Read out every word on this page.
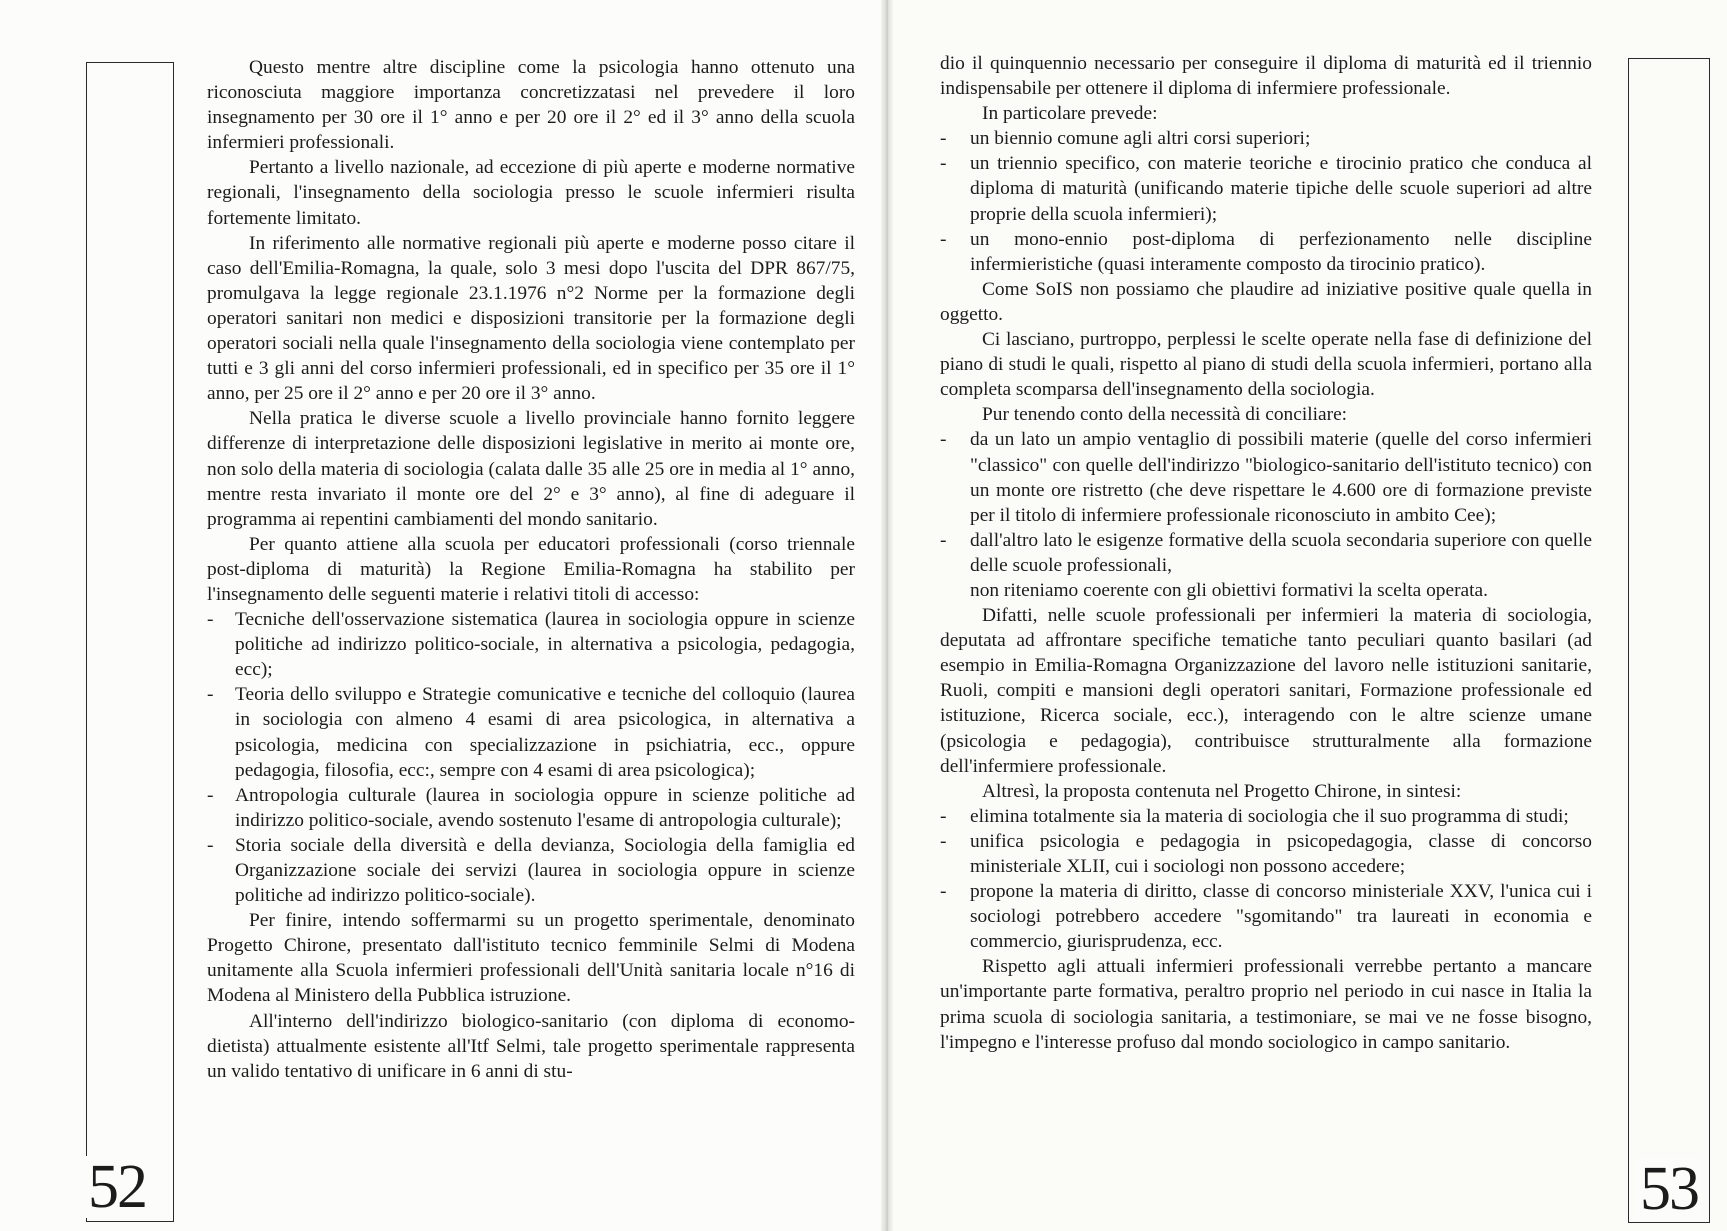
52	53

Questo mentre altre discipline come la psicologia hanno ottenuto una riconosciuta maggiore importanza concretizzatasi nel prevedere il loro insegnamento per 30 ore il 1° anno e per 20 ore il 2° ed il 3° anno della scuola infermieri professionali.

Pertanto a livello nazionale, ad eccezione di più aperte e moderne normative regionali, l'insegnamento della sociologia presso le scuole infermieri risulta fortemente limitato.

In riferimento alle normative regionali più aperte e moderne posso citare il caso dell'Emilia-Romagna, la quale, solo 3 mesi dopo l'uscita del DPR 867/75, promulgava la legge regionale 23.1.1976 n°2 Norme per la formazione degli operatori sanitari non medici e disposizioni transitorie per la formazione degli operatori sociali nella quale l'insegnamento della sociologia viene contemplato per tutti e 3 gli anni del corso infermieri professionali, ed in specifico per 35 ore il 1° anno, per 25 ore il 2° anno e per 20 ore il 3° anno.

Nella pratica le diverse scuole a livello provinciale hanno fornito leggere differenze di interpretazione delle disposizioni legislative in merito ai monte ore, non solo della materia di sociologia (calata dalle 35 alle 25 ore in media al 1° anno, mentre resta invariato il monte ore del 2° e 3° anno), al fine di adeguare il programma ai repentini cambiamenti del mondo sanitario.

Per quanto attiene alla scuola per educatori professionali (corso triennale post-diploma di maturità) la Regione Emilia-Romagna ha stabilito per l'insegnamento delle seguenti materie i relativi titoli di accesso:

- Tecniche dell'osservazione sistematica (laurea in sociologia oppure in scienze politiche ad indirizzo politico-sociale, in alternativa a psicologia, pedagogia, ecc);

- Teoria dello sviluppo e Strategie comunicative e tecniche del colloquio (laurea in sociologia con almeno 4 esami di area psicologica, in alternativa a psicologia, medicina con specializzazione in psichiatria, ecc., oppure pedagogia, filosofia, ecc:, sempre con 4 esami di area psicologica);

- Antropologia culturale (laurea in sociologia oppure in scienze politiche ad indirizzo politico-sociale, avendo sostenuto l'esame di antropologia culturale);

- Storia sociale della diversità e della devianza, Sociologia della famiglia ed Organizzazione sociale dei servizi (laurea in sociologia oppure in scienze politiche ad indirizzo politico-sociale).

Per finire, intendo soffermarmi su un progetto sperimentale, denominato Progetto Chirone, presentato dall'istituto tecnico femminile Selmi di Modena unitamente alla Scuola infermieri professionali dell'Unità sanitaria locale n°16 di Modena al Ministero della Pubblica istruzione.

All'interno dell'indirizzo biologico-sanitario (con diploma di economo-dietista) attualmente esistente all'Itf Selmi, tale progetto sperimentale rappresenta un valido tentativo di unificare in 6 anni di stu-

dio il quinquennio necessario per conseguire il diploma di maturità ed il triennio indispensabile per ottenere il diploma di infermiere professionale.

In particolare prevede:

- un biennio comune agli altri corsi superiori;

- un triennio specifico, con materie teoriche e tirocinio pratico che conduca al diploma di maturità (unificando materie tipiche delle scuole superiori ad altre proprie della scuola infermieri);

- un mono-ennio post-diploma di perfezionamento nelle discipline infermieristiche (quasi interamente composto da tirocinio pratico).

Come SoIS non possiamo che plaudire ad iniziative positive quale quella in oggetto.

Ci lasciano, purtroppo, perplessi le scelte operate nella fase di definizione del piano di studi le quali, rispetto al piano di studi della scuola infermieri, portano alla completa scomparsa dell'insegnamento della sociologia.

Pur tenendo conto della necessità di conciliare:

- da un lato un ampio ventaglio di possibili materie (quelle del corso infermieri "classico" con quelle dell'indirizzo "biologico-sanitario dell'istituto tecnico) con un monte ore ristretto (che deve rispettare le 4.600 ore di formazione previste per il titolo di infermiere professionale riconosciuto in ambito Cee);

- dall'altro lato le esigenze formative della scuola secondaria superiore con quelle delle scuole professionali,

non riteniamo coerente con gli obiettivi formativi la scelta operata.

Difatti, nelle scuole professionali per infermieri la materia di sociologia, deputata ad affrontare specifiche tematiche tanto peculiari quanto basilari (ad esempio in Emilia-Romagna Organizzazione del lavoro nelle istituzioni sanitarie, Ruoli, compiti e mansioni degli operatori sanitari, Formazione professionale ed istituzione, Ricerca sociale, ecc.), interagendo con le altre scienze umane (psicologia e pedagogia), contribuisce strutturalmente alla formazione dell'infermiere professionale.

Altresì, la proposta contenuta nel Progetto Chirone, in sintesi:

- elimina totalmente sia la materia di sociologia che il suo programma di studi;

- unifica psicologia e pedagogia in psicopedagogia, classe di concorso ministeriale XLII, cui i sociologi non possono accedere;

- propone la materia di diritto, classe di concorso ministeriale XXV, l'unica cui i sociologi potrebbero accedere "sgomitando" tra laureati in economia e commercio, giurisprudenza, ecc.

Rispetto agli attuali infermieri professionali verrebbe pertanto a mancare un'importante parte formativa, peraltro proprio nel periodo in cui nasce in Italia la prima scuola di sociologia sanitaria, a testimoniare, se mai ve ne fosse bisogno, l'impegno e l'interesse profuso dal mondo sociologico in campo sanitario.
